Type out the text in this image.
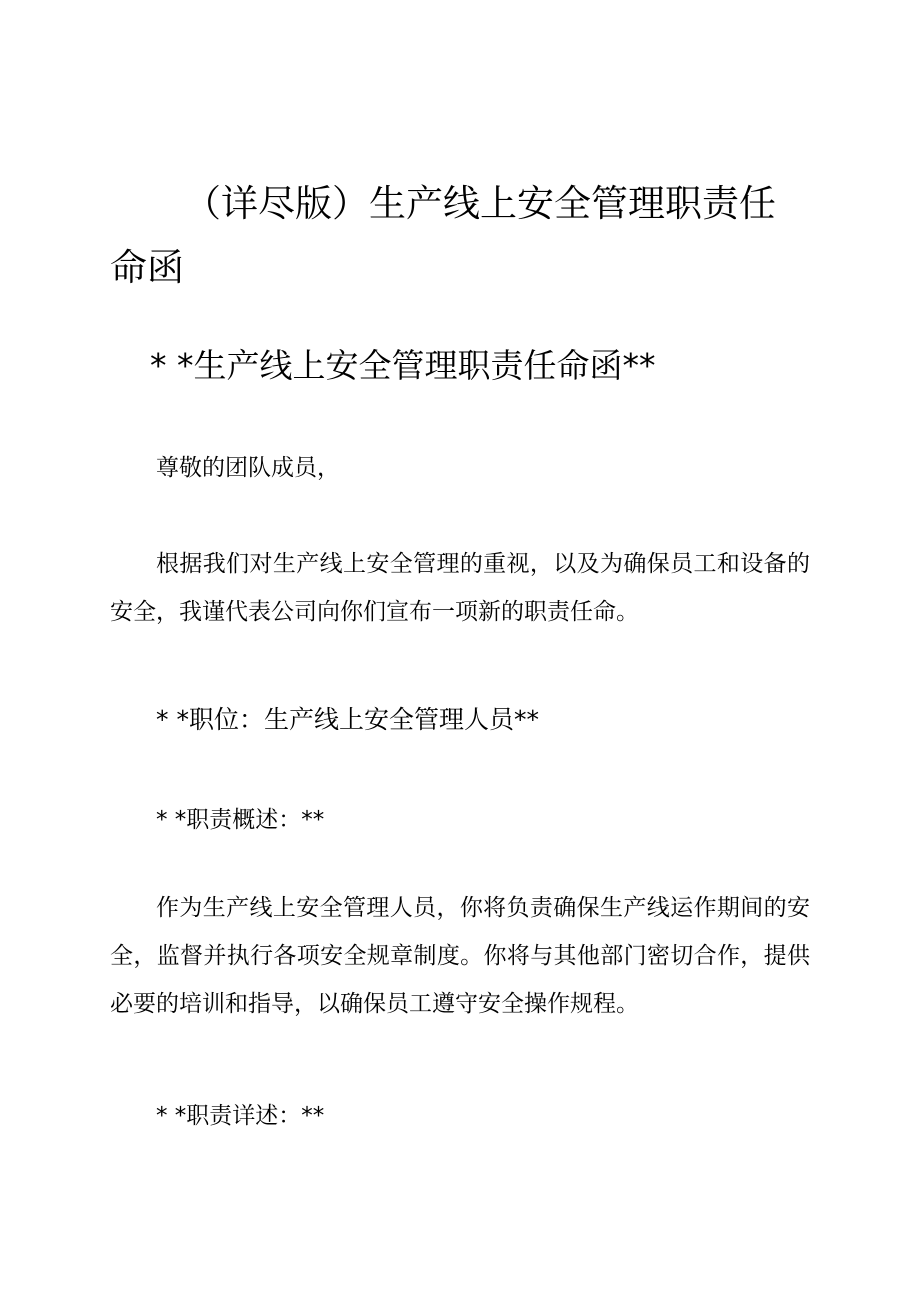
（详尽版）生产线上安全管理职责任命函
* *生产线上安全管理职责任命函**

尊敬的团队成员，

根据我们对生产线上安全管理的重视，以及为确保员工和设备的安全，我谨代表公司向你们宣布一项新的职责任命。

* *职位：生产线上安全管理人员**
* *职责概述：**

作为生产线上安全管理人员，你将负责确保生产线运作期间的安全，监督并执行各项安全规章制度。你将与其他部门密切合作，提供必要的培训和指导，以确保员工遵守安全操作规程。

* *职责详述：**
